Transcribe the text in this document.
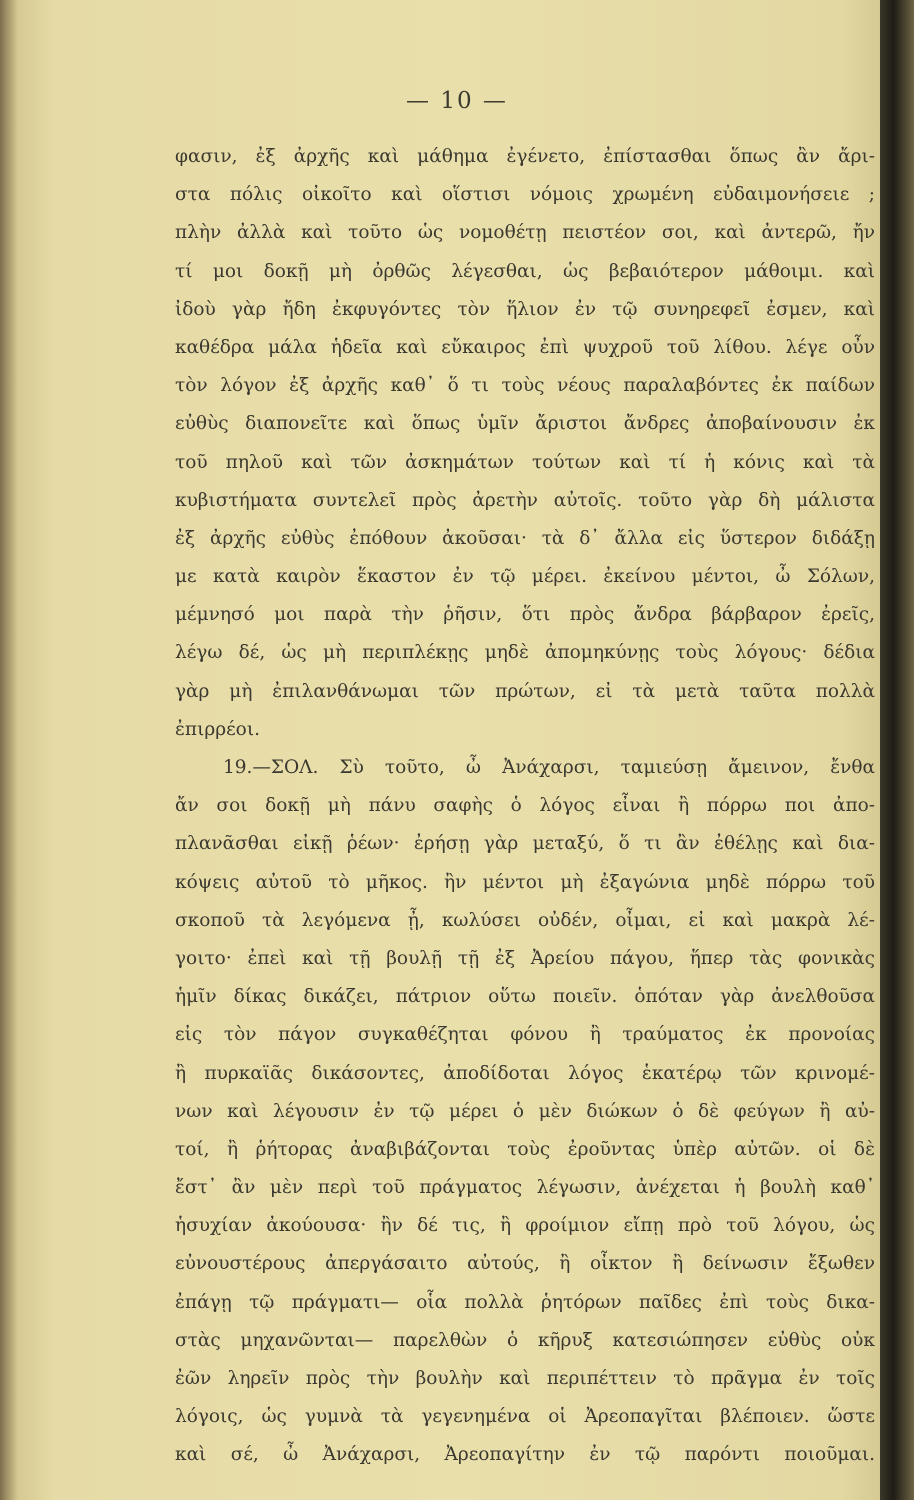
— 10 —
φασιν, ἐξ ἀρχῆς καὶ μάθημα ἐγένετο, ἐπίστασθαι ὅπως ἂν ἄρι-
στα πόλις οἰκοῖτο καὶ οἵστισι νόμοις χρωμένη εὐδαιμονήσειε ;
πλὴν ἀλλὰ καὶ τοῦτο ὡς νομοθέτῃ πειστέον σοι, καὶ ἀντερῶ, ἤν
τί μοι δοκῇ μὴ ὀρθῶς λέγεσθαι, ὡς βεβαιότερον μάθοιμι. καὶ
ἰδοὺ γὰρ ἤδη ἐκφυγόντες τὸν ἥλιον ἐν τῷ συνηρεφεῖ ἐσμεν, καὶ
καθέδρα μάλα ἡδεῖα καὶ εὔκαιρος ἐπὶ ψυχροῦ τοῦ λίθου. λέγε οὖν
τὸν λόγον ἐξ ἀρχῆς καθ᾽ ὅ τι τοὺς νέους παραλαβόντες ἐκ παίδων
εὐθὺς διαπονεῖτε καὶ ὅπως ὑμῖν ἄριστοι ἄνδρες ἀποβαίνουσιν ἐκ
τοῦ πηλοῦ καὶ τῶν ἀσκημάτων τούτων καὶ τί ἡ κόνις καὶ τὰ
κυβιστήματα συντελεῖ πρὸς ἀρετὴν αὐτοῖς. τοῦτο γὰρ δὴ μάλιστα
ἐξ ἀρχῆς εὐθὺς ἐπόθουν ἀκοῦσαι· τὰ δ᾽ ἄλλα εἰς ὕστερον διδάξῃ
με κατὰ καιρὸν ἕκαστον ἐν τῷ μέρει. ἐκείνου μέντοι, ὦ Σόλων,
μέμνησό μοι παρὰ τὴν ῥῆσιν, ὅτι πρὸς ἄνδρα βάρβαρον ἐρεῖς,
λέγω δέ, ὡς μὴ περιπλέκῃς μηδὲ ἀπομηκύνῃς τοὺς λόγους· δέδια
γὰρ μὴ ἐπιλανθάνωμαι τῶν πρώτων, εἰ τὰ μετὰ ταῦτα πολλὰ
ἐπιρρέοι.
19.—ΣΟΛ. Σὺ τοῦτο, ὦ Ἀνάχαρσι, ταμιεύσῃ ἄμεινον, ἔνθα
ἄν σοι δοκῇ μὴ πάνυ σαφὴς ὁ λόγος εἶναι ἢ πόρρω ποι ἀπο-
πλανᾶσθαι εἰκῇ ῥέων· ἐρήσῃ γὰρ μεταξύ, ὅ τι ἂν ἐθέλῃς καὶ δια-
κόψεις αὐτοῦ τὸ μῆκος. ἢν μέντοι μὴ ἐξαγώνια μηδὲ πόρρω τοῦ
σκοποῦ τὰ λεγόμενα ᾖ, κωλύσει οὐδέν, οἶμαι, εἰ καὶ μακρὰ λέ-
γοιτο· ἐπεὶ καὶ τῇ βουλῇ τῇ ἐξ Ἀρείου πάγου, ἥπερ τὰς φονικὰς
ἡμῖν δίκας δικάζει, πάτριον οὕτω ποιεῖν. ὁπόταν γὰρ ἀνελθοῦσα
εἰς τὸν πάγον συγκαθέζηται φόνου ἢ τραύματος ἐκ προνοίας
ἢ πυρκαϊᾶς δικάσοντες, ἀποδίδοται λόγος ἑκατέρῳ τῶν κρινομέ-
νων καὶ λέγουσιν ἐν τῷ μέρει ὁ μὲν διώκων ὁ δὲ φεύγων ἢ αὐ-
τοί, ἢ ῥήτορας ἀναβιβάζονται τοὺς ἐροῦντας ὑπὲρ αὐτῶν. οἱ δὲ
ἔστ᾽ ἂν μὲν περὶ τοῦ πράγματος λέγωσιν, ἀνέχεται ἡ βουλὴ καθ᾽
ἡσυχίαν ἀκούουσα· ἢν δέ τις, ἢ φροίμιον εἴπῃ πρὸ τοῦ λόγου, ὡς
εὐνουστέρους ἀπεργάσαιτο αὐτούς, ἢ οἶκτον ἢ δείνωσιν ἔξωθεν
ἐπάγῃ τῷ πράγματι— οἷα πολλὰ ῥητόρων παῖδες ἐπὶ τοὺς δικα-
στὰς μηχανῶνται— παρελθὼν ὁ κῆρυξ κατεσιώπησεν εὐθὺς οὐκ
ἐῶν ληρεῖν πρὸς τὴν βουλὴν καὶ περιπέττειν τὸ πρᾶγμα ἐν τοῖς
λόγοις, ὡς γυμνὰ τὰ γεγενημένα οἱ Ἀρεοπαγῖται βλέποιεν. ὥστε
καὶ σέ, ὦ Ἀνάχαρσι, Ἀρεοπαγίτην ἐν τῷ παρόντι ποιοῦμαι.
